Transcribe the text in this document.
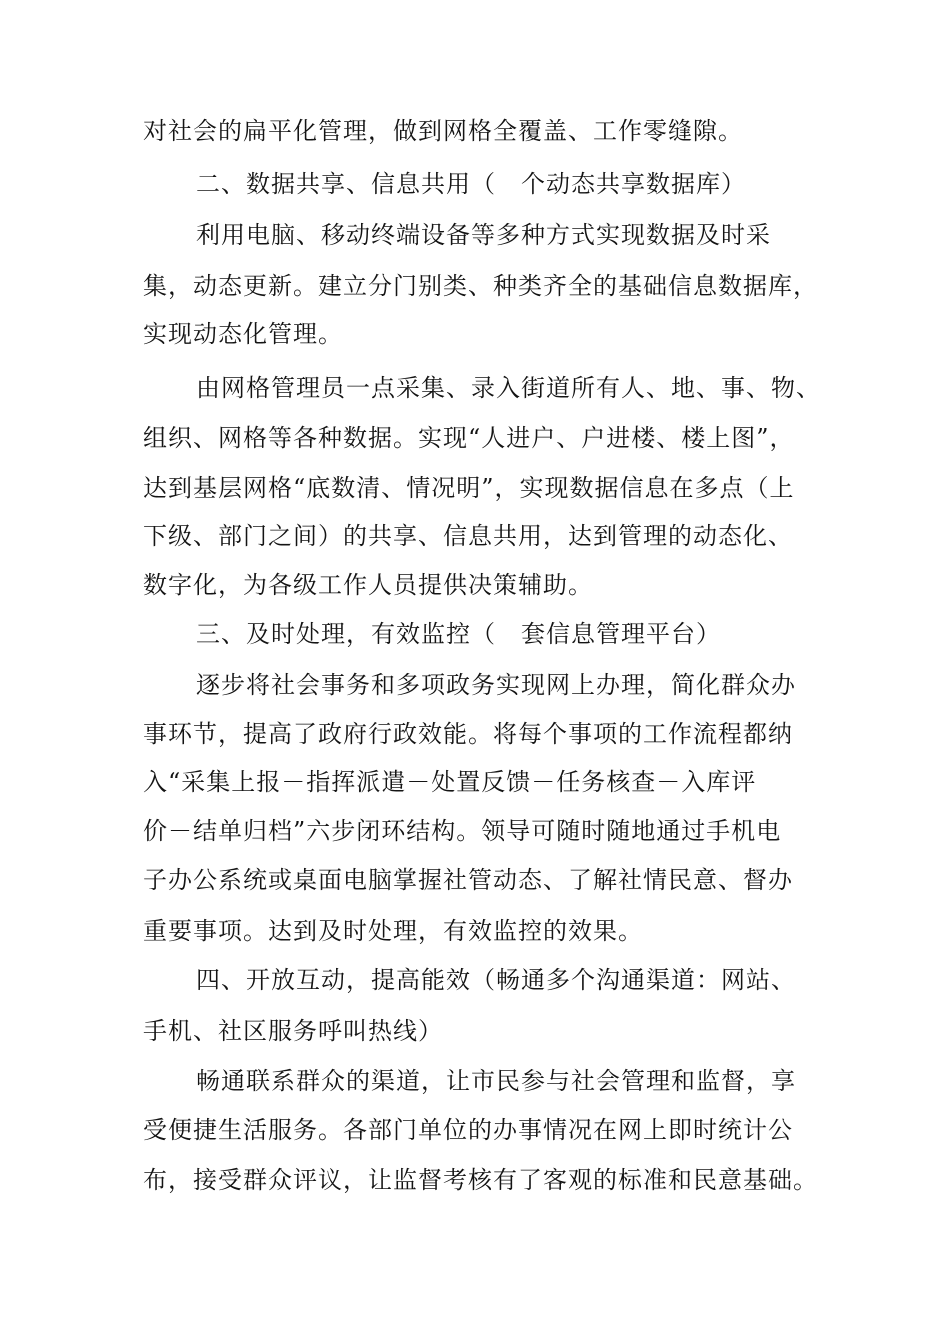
对社会的扁平化管理，做到网格全覆盖、工作零缝隙。
二、数据共享、信息共用（　个动态共享数据库）
利用电脑、移动终端设备等多种方式实现数据及时采
集，动态更新。建立分门别类、种类齐全的基础信息数据库，
实现动态化管理。
由网格管理员一点采集、录入街道所有人、地、事、物、
组织、网格等各种数据。实现“人进户、户进楼、楼上图”，
达到基层网格“底数清、情况明”，实现数据信息在多点（上
下级、部门之间）的共享、信息共用，达到管理的动态化、
数字化，为各级工作人员提供决策辅助。
三、及时处理，有效监控（　套信息管理平台）
逐步将社会事务和多项政务实现网上办理，简化群众办
事环节，提高了政府行政效能。将每个事项的工作流程都纳
入“采集上报－指挥派遣－处置反馈－任务核查－入库评
价－结单归档”六步闭环结构。领导可随时随地通过手机电
子办公系统或桌面电脑掌握社管动态、了解社情民意、督办
重要事项。达到及时处理，有效监控的效果。
四、开放互动，提高能效（畅通多个沟通渠道：网站、
手机、社区服务呼叫热线）
畅通联系群众的渠道，让市民参与社会管理和监督，享
受便捷生活服务。各部门单位的办事情况在网上即时统计公
布，接受群众评议，让监督考核有了客观的标准和民意基础。
